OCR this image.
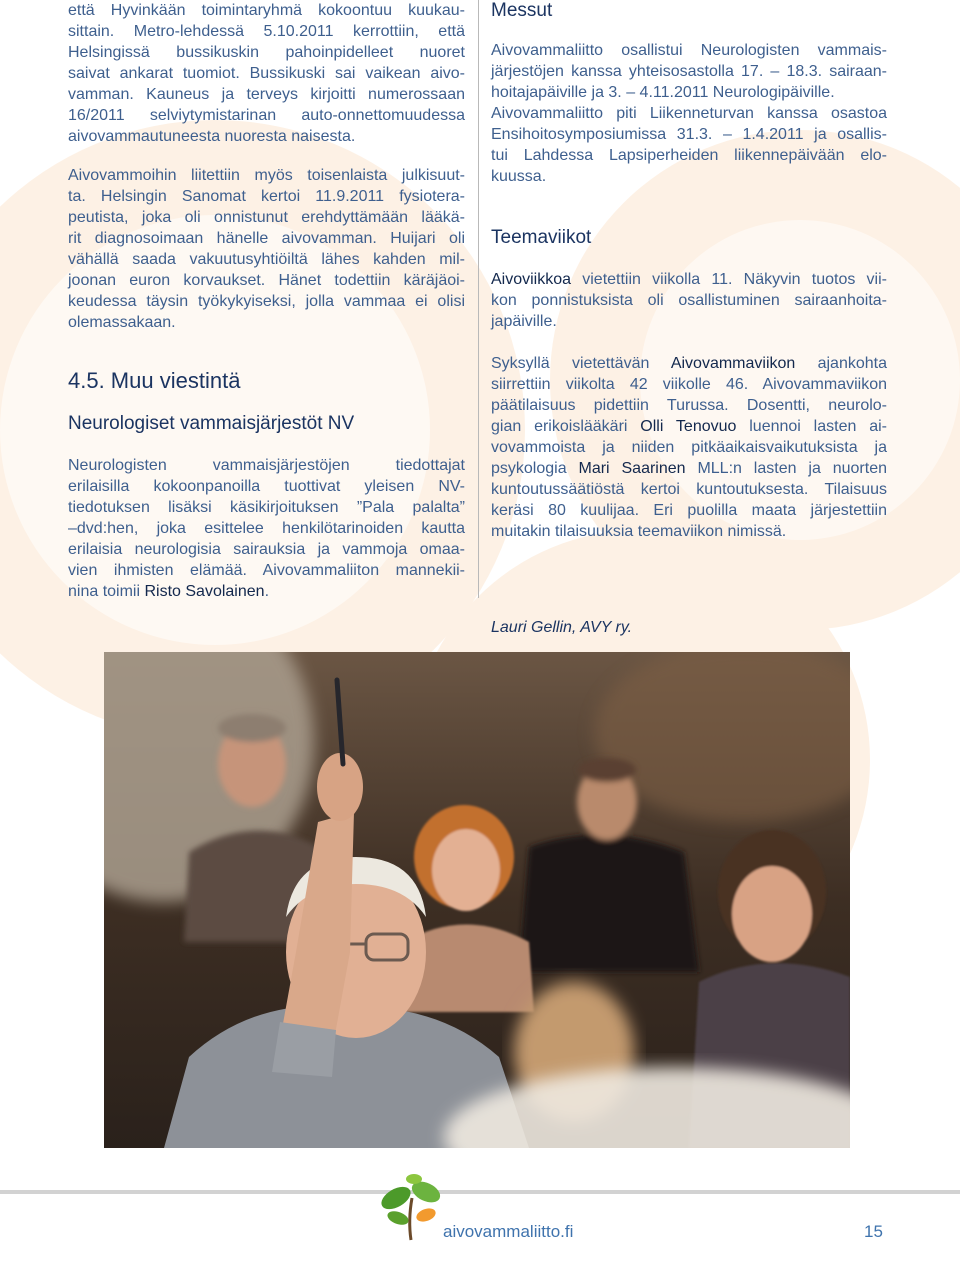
että Hyvinkään toimintaryhmä kokoontuu kuukau-
sittain. Metro-lehdessä 5.10.2011 kerrottiin, että
Helsingissä bussikuskin pahoinpidelleet nuoret
saivat ankarat tuomiot. Bussikuski sai vaikean aivo-
vamman. Kauneus ja terveys kirjoitti numerossaan
16/2011 selviytymistarinan auto-onnettomuudessa
aivovammautuneesta nuoresta naisesta.
Aivovammoihin liitettiin myös toisenlaista julkisuut-
ta. Helsingin Sanomat kertoi 11.9.2011 fysiotera-
peutista, joka oli onnistunut erehdyttämään lääkä-
rit diagnosoimaan hänelle aivovamman. Huijari oli
vähällä saada vakuutusyhtiöiltä lähes kahden mil-
joonan euron korvaukset. Hänet todettiin käräjäoi-
keudessa täysin työkykyiseksi, jolla vammaa ei olisi
olemassakaan.
4.5. Muu viestintä
Neurologiset vammaisjärjestöt NV
Neurologisten vammaisjärjestöjen tiedottajat
erilaisilla kokoonpanoilla tuottivat yleisen NV-
tiedotuksen lisäksi käsikirjoituksen ”Pala palalta”
–dvd:hen, joka esittelee henkilötarinoiden kautta
erilaisia neurologisia sairauksia ja vammoja omaa-
vien ihmisten elämää. Aivovammaliiton mannekii-
nina toimii Risto Savolainen.
Messut
Aivovammaliitto osallistui Neurologisten vammais-
järjestöjen kanssa yhteisosastolla 17. – 18.3. sairaan-
hoitajapäiville ja 3. – 4.11.2011 Neurologipäiville.
Aivovammaliitto piti Liikenneturvan kanssa osastoa
Ensihoitosymposiumissa 31.3. – 1.4.2011 ja osallis-
tui Lahdessa Lapsiperheiden liikennepäivään elo-
kuussa.
Teemaviikot
Aivoviikkoa vietettiin viikolla 11. Näkyvin tuotos vii-
kon ponnistuksista oli osallistuminen sairaanhoita-
japäiville.
Syksyllä vietettävän Aivovammaviikon ajankohta
siirrettiin viikolta 42 viikolle 46. Aivovammaviikon
päätilaisuus pidettiin Turussa. Dosentti, neurolo-
gian erikoislääkäri Olli Tenovuo luennoi lasten ai-
vovammoista ja niiden pitkäaikaisvaikutuksista ja
psykologia Mari Saarinen MLL:n lasten ja nuorten
kuntoutussäätiöstä kertoi kuntoutuksesta. Tilaisuus
keräsi 80 kuulijaa. Eri puolilla maata järjestettiin
muitakin tilaisuuksia teemaviikon nimissä.
Lauri Gellin, AVY ry.
aivovammaliitto.fi	15
